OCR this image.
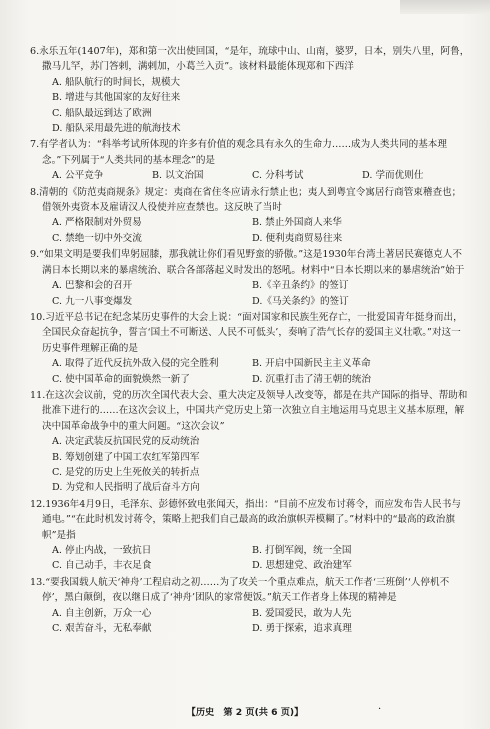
6.永乐五年(1407年)，郑和第一次出使回国，“是年，琉球中山、山南，婆罗，日本，别失八里，阿鲁，撒马儿罕，苏门答剌，满剌加，小葛兰入贡”。该材料最能体现郑和下西洋

A. 船队航行的时间长，规模大

B. 增进与其他国家的友好往来

C. 船队最远到达了欧洲

D. 船队采用最先进的航海技术

7.有学者认为：“科举考试所体现的许多有价值的观念具有永久的生命力……成为人类共同的基本理念。”下列属于“人类共同的基本理念”的是

A. 公平竞争	B. 以文治国	C. 分科考试	D. 学而优则仕

8.清朝的《防范夷商规条》规定：夷商在省住冬应请永行禁止也；夷人到粤宜令寓居行商管束稽查也；借领外夷资本及雇请汉人役使并应查禁也。这反映了当时

A. 严格限制对外贸易	B. 禁止外国商人来华
C. 禁绝一切中外交流	D. 便利夷商贸易往来

9.“如果文明是要我们卑躬屈膝，那我就让你们看见野蛮的骄傲。”这是1930年台湾土著居民赛德克人不满日本长期以来的暴虐统治、联合各部落起义时发出的怒吼。材料中“日本长期以来的暴虐统治”始于

A. 巴黎和会的召开	B.《辛丑条约》的签订
C. 九一八事变爆发	D.《马关条约》的签订

10.习近平总书记在纪念某历史事件的大会上说：“面对国家和民族生死存亡，一批爱国青年挺身而出，全国民众奋起抗争，誓言‘国土不可断送、人民不可低头’，奏响了浩气长存的爱国主义壮歌。”对这一历史事件理解正确的是

A. 取得了近代反抗外敌入侵的完全胜利	B. 开启中国新民主主义革命
C. 使中国革命的面貌焕然一新了	D. 沉重打击了清王朝的统治

11.在这次会议前，党的历次全国代表大会、重大决定及领导人改变等，都是在共产国际的指导、帮助和批准下进行的……在这次会议上，中国共产党历史上第一次独立自主地运用马克思主义基本原理，解决中国革命战争中的重大问题。“这次会议”

A. 决定武装反抗国民党的反动统治

B. 筹划创建了中国工农红军第四军

C. 是党的历史上生死攸关的转折点

D. 为党和人民指明了战后奋斗方向

12.1936年4月9日，毛泽东、彭德怀致电张闻天，指出：“目前不应发布讨蒋令，而应发布告人民书与通电。”“在此时机发讨蒋令，策略上把我们自己最高的政治旗帜弄模糊了。”材料中的“最高的政治旗帜”是指

A. 停止内战，一致抗日	B. 打倒军阀，统一全国
C. 自己动手，丰衣足食	D. 思想建党、政治建军

13.“要我国载人航天‘神舟’工程启动之初……为了攻关一个重点难点，航天工作者‘三班倒’‘人停机不停’，黑白颠倒，夜以继日成了‘神舟’团队的家常便饭。”航天工作者身上体现的精神是

A. 自主创新，万众一心	B. 爱国爱民，敢为人先
C. 艰苦奋斗，无私奉献	D. 勇于探索，追求真理
【历史　第 2 页(共 6 页)】	·
